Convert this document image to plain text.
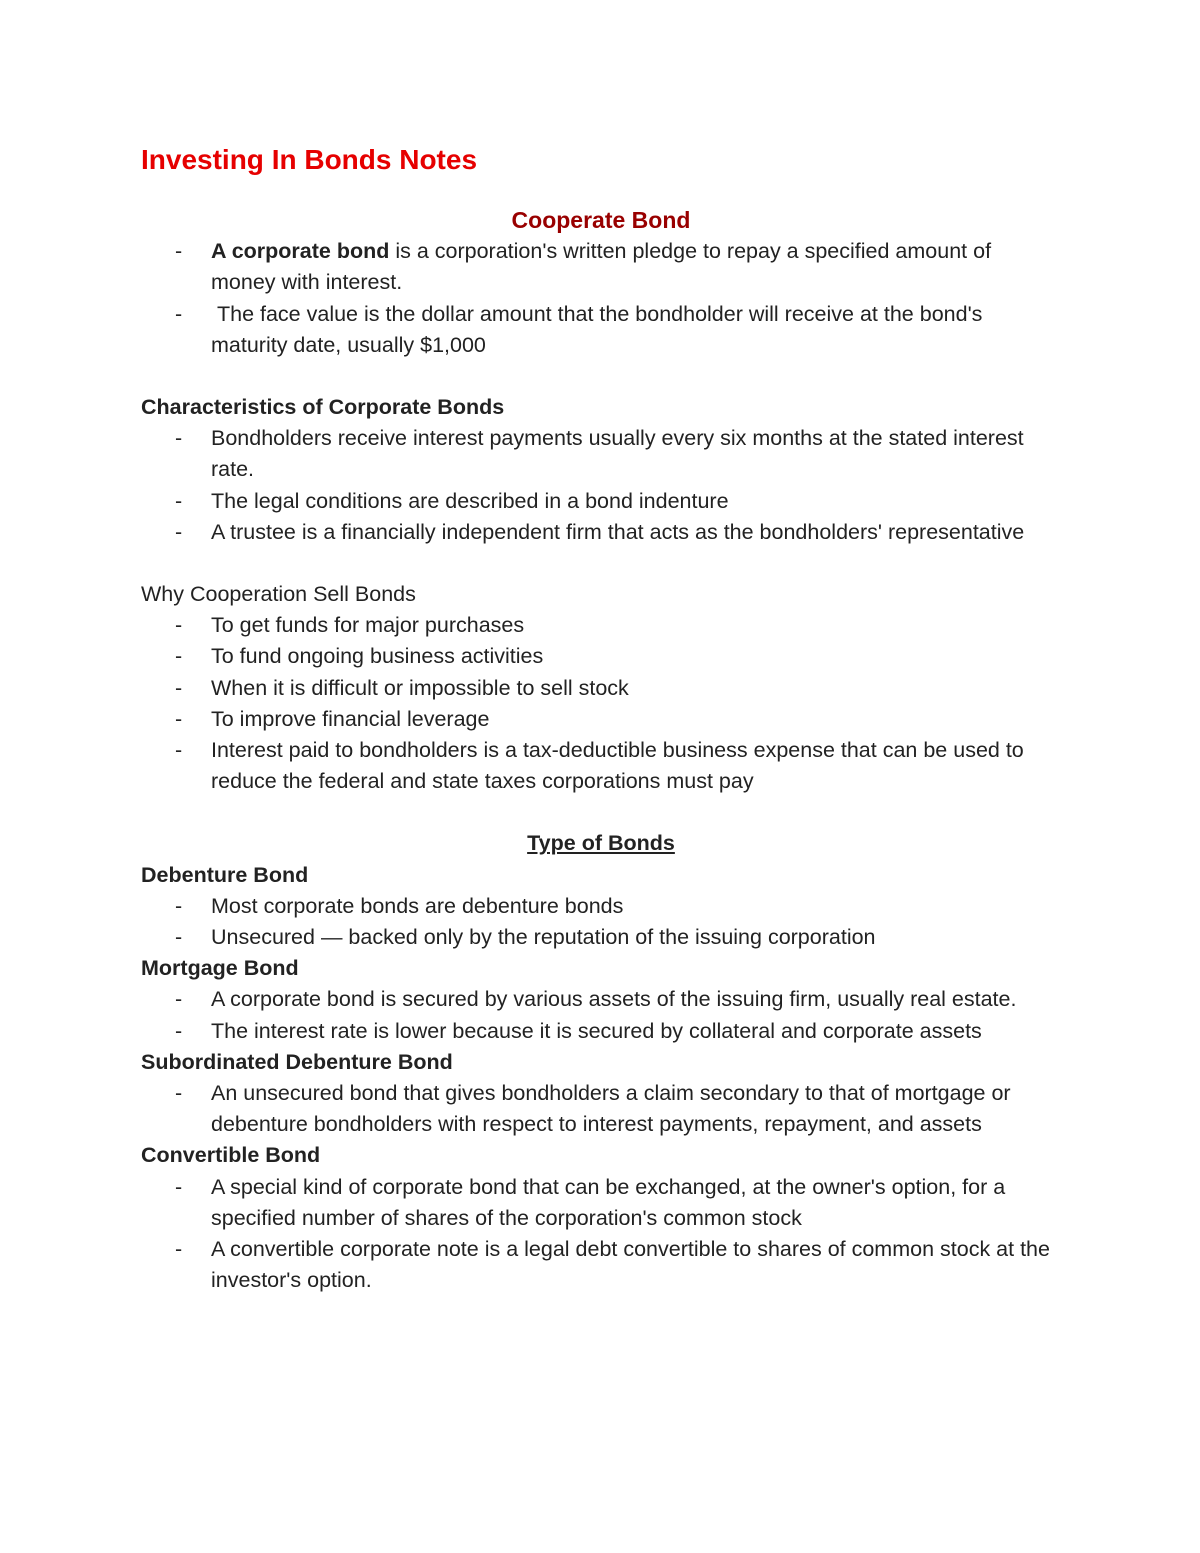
Investing In Bonds Notes
Cooperate Bond
- A corporate bond is a corporation's written pledge to repay a specified amount of money with interest.
-  The face value is the dollar amount that the bondholder will receive at the bond's maturity date, usually $1,000
Characteristics of Corporate Bonds
- Bondholders receive interest payments usually every six months at the stated interest rate.
- The legal conditions are described in a bond indenture
- A trustee is a financially independent firm that acts as the bondholders' representative
Why Cooperation Sell Bonds
- To get funds for major purchases
- To fund ongoing business activities
- When it is difficult or impossible to sell stock
- To improve financial leverage
- Interest paid to bondholders is a tax-deductible business expense that can be used to reduce the federal and state taxes corporations must pay
Type of Bonds
Debenture Bond
- Most corporate bonds are debenture bonds
- Unsecured — backed only by the reputation of the issuing corporation
Mortgage Bond
- A corporate bond is secured by various assets of the issuing firm, usually real estate.
- The interest rate is lower because it is secured by collateral and corporate assets
Subordinated Debenture Bond
- An unsecured bond that gives bondholders a claim secondary to that of mortgage or debenture bondholders with respect to interest payments, repayment, and assets
Convertible Bond
- A special kind of corporate bond that can be exchanged, at the owner's option, for a specified number of shares of the corporation's common stock
- A convertible corporate note is a legal debt convertible to shares of common stock at the investor's option.
